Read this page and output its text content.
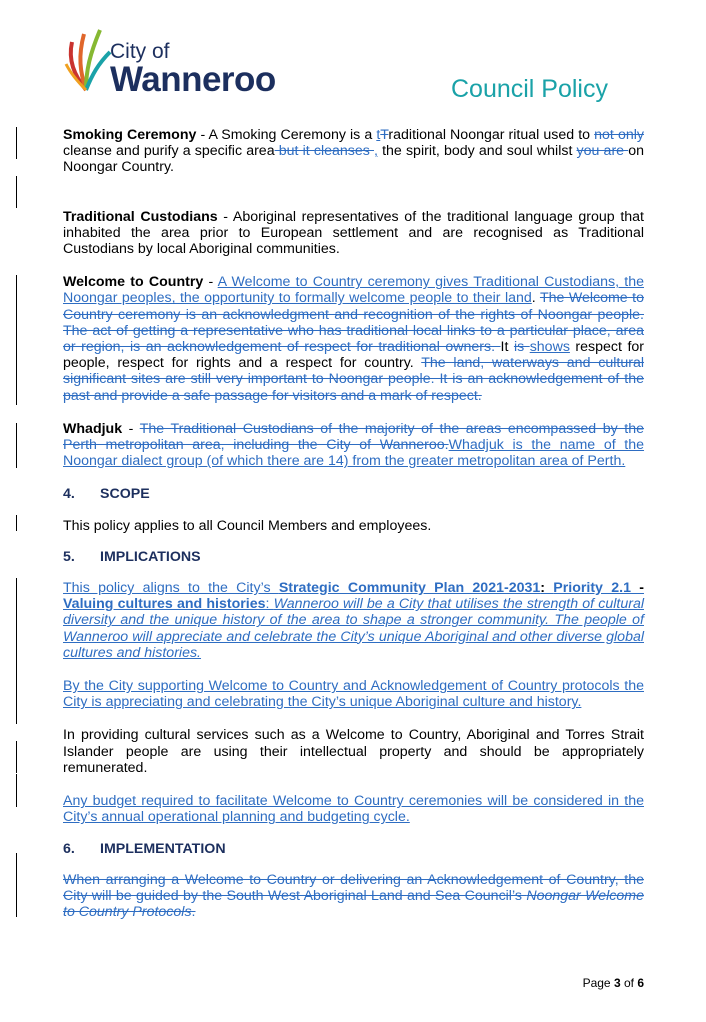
City of
Wanneroo	Council Policy

Smoking Ceremony - A Smoking Ceremony is a tTraditional Noongar ritual used to not only cleanse and purify a specific area but it cleanses , the spirit, body and soul whilst you are on Noongar Country.

Traditional Custodians - Aboriginal representatives of the traditional language group that inhabited the area prior to European settlement and are recognised as Traditional Custodians by local Aboriginal communities.

Welcome to Country - A Welcome to Country ceremony gives Traditional Custodians, the Noongar peoples, the opportunity to formally welcome people to their land. The Welcome to Country ceremony is an acknowledgment and recognition of the rights of Noongar people. The act of getting a representative who has traditional local links to a particular place, area or region, is an acknowledgement of respect for traditional owners. It is shows respect for people, respect for rights and a respect for country. The land, waterways and cultural significant sites are still very important to Noongar people. It is an acknowledgement of the past and provide a safe passage for visitors and a mark of respect.

Whadjuk - The Traditional Custodians of the majority of the areas encompassed by the Perth metropolitan area, including the City of Wanneroo.Whadjuk is the name of the Noongar dialect group (of which there are 14) from the greater metropolitan area of Perth.

4. SCOPE

This policy applies to all Council Members and employees.

5. IMPLICATIONS

This policy aligns to the City’s Strategic Community Plan 2021-2031: Priority 2.1 - Valuing cultures and histories: Wanneroo will be a City that utilises the strength of cultural diversity and the unique history of the area to shape a stronger community. The people of Wanneroo will appreciate and celebrate the City’s unique Aboriginal and other diverse global cultures and histories.

By the City supporting Welcome to Country and Acknowledgement of Country protocols the City is appreciating and celebrating the City’s unique Aboriginal culture and history.

In providing cultural services such as a Welcome to Country, Aboriginal and Torres Strait Islander people are using their intellectual property and should be appropriately remunerated.

Any budget required to facilitate Welcome to Country ceremonies will be considered in the City’s annual operational planning and budgeting cycle.

6. IMPLEMENTATION

When arranging a Welcome to Country or delivering an Acknowledgement of Country, the City will be guided by the South West Aboriginal Land and Sea Council’s Noongar Welcome to Country Protocols.

Page 3 of 6
